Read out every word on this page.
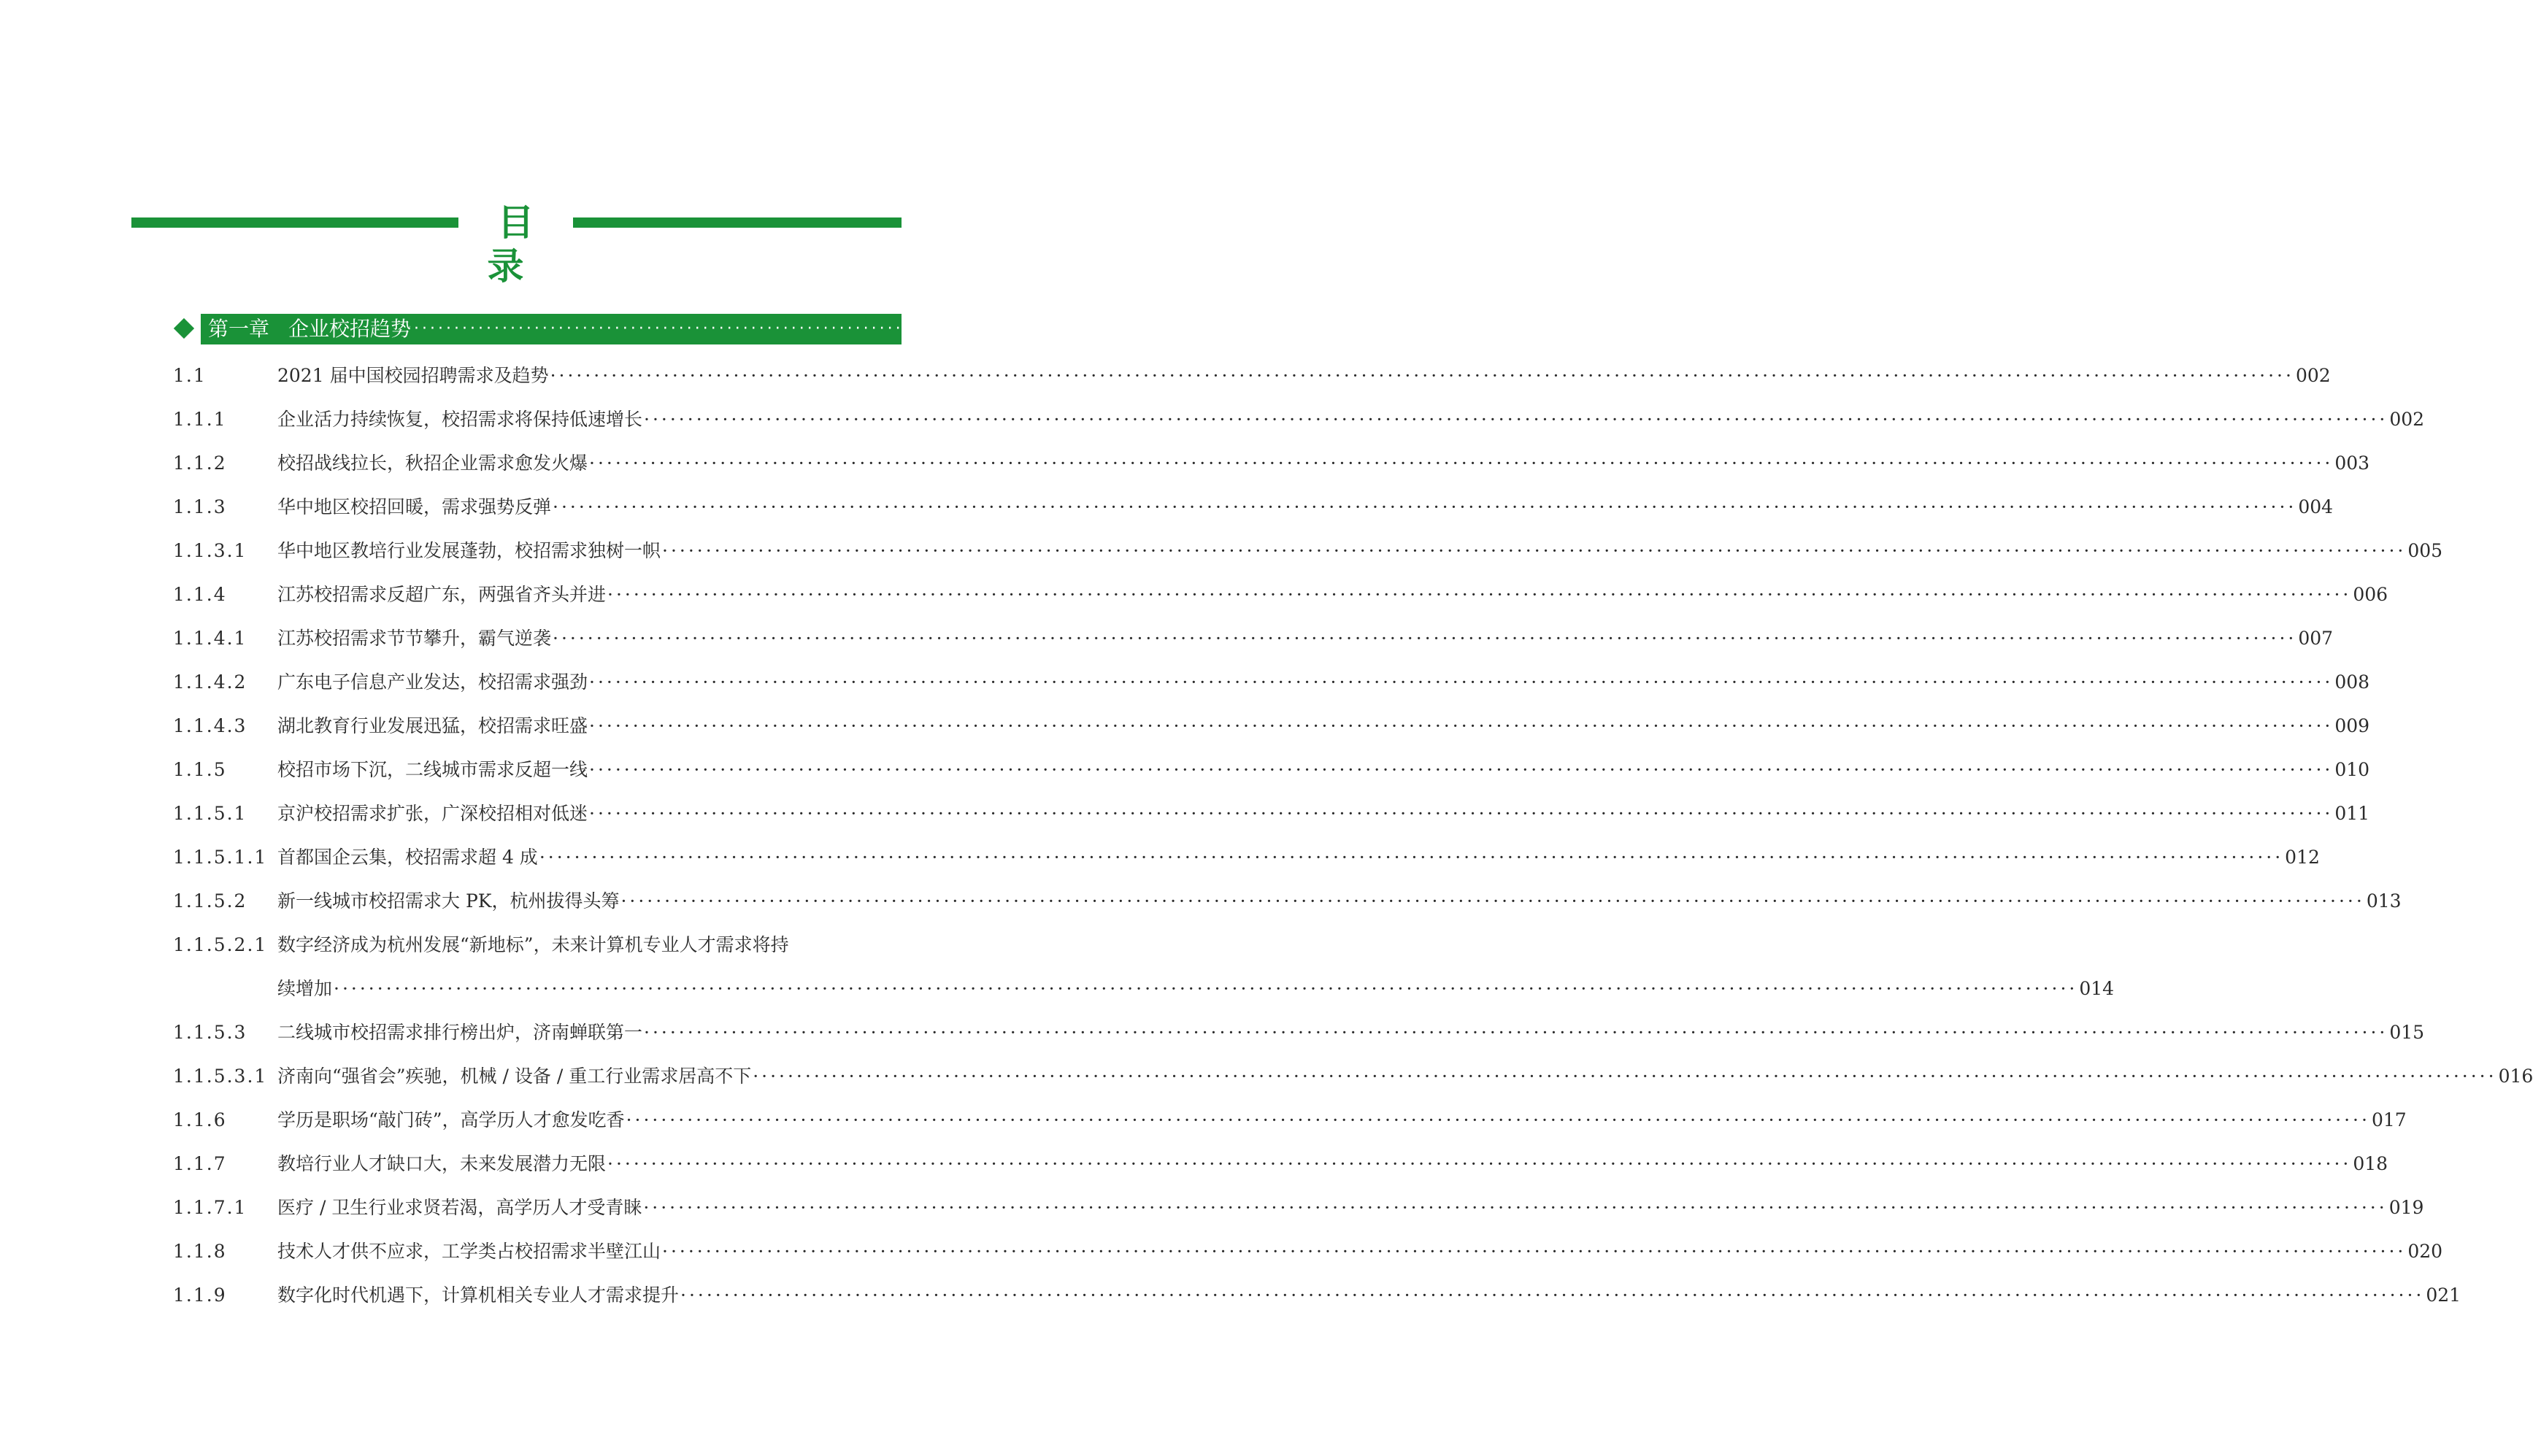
目录
第一章 企业校招趋势 ·································································· 001
1.1	2021 届中国校园招聘需求及趋势 ········································································································································································································ 002
1.1.1	企业活力持续恢复，校招需求将保持低速增长 ········································································································································································································ 002
1.1.2	校招战线拉长，秋招企业需求愈发火爆 ········································································································································································································ 003
1.1.3	华中地区校招回暖，需求强势反弹 ········································································································································································································ 004
1.1.3.1	华中地区教培行业发展蓬勃，校招需求独树一帜 ········································································································································································································ 005
1.1.4	江苏校招需求反超广东，两强省齐头并进 ········································································································································································································ 006
1.1.4.1	江苏校招需求节节攀升，霸气逆袭 ········································································································································································································ 007
1.1.4.2	广东电子信息产业发达，校招需求强劲 ········································································································································································································ 008
1.1.4.3	湖北教育行业发展迅猛，校招需求旺盛 ········································································································································································································ 009
1.1.5	校招市场下沉，二线城市需求反超一线 ········································································································································································································ 010
1.1.5.1	京沪校招需求扩张，广深校招相对低迷 ········································································································································································································ 011
1.1.5.1.1 首都国企云集，校招需求超 4 成 ········································································································································································································ 012
1.1.5.2	新一线城市校招需求大 PK，杭州拔得头筹 ········································································································································································································ 013
1.1.5.2.1 数字经济成为杭州发展“新地标”，未来计算机专业人才需求将持
续增加 ········································································································································································································ 014
1.1.5.3	二线城市校招需求排行榜出炉，济南蝉联第一 ········································································································································································································ 015
1.1.5.3.1 济南向“强省会”疾驰，机械 / 设备 / 重工行业需求居高不下 ········································································································································································································ 016
1.1.6	学历是职场“敲门砖”，高学历人才愈发吃香 ········································································································································································································ 017
1.1.7	教培行业人才缺口大，未来发展潜力无限 ········································································································································································································ 018
1.1.7.1	医疗 / 卫生行业求贤若渴，高学历人才受青睐 ········································································································································································································ 019
1.1.8	技术人才供不应求，工学类占校招需求半壁江山 ········································································································································································································ 020
1.1.9	数字化时代机遇下，计算机相关专业人才需求提升 ········································································································································································································ 021
